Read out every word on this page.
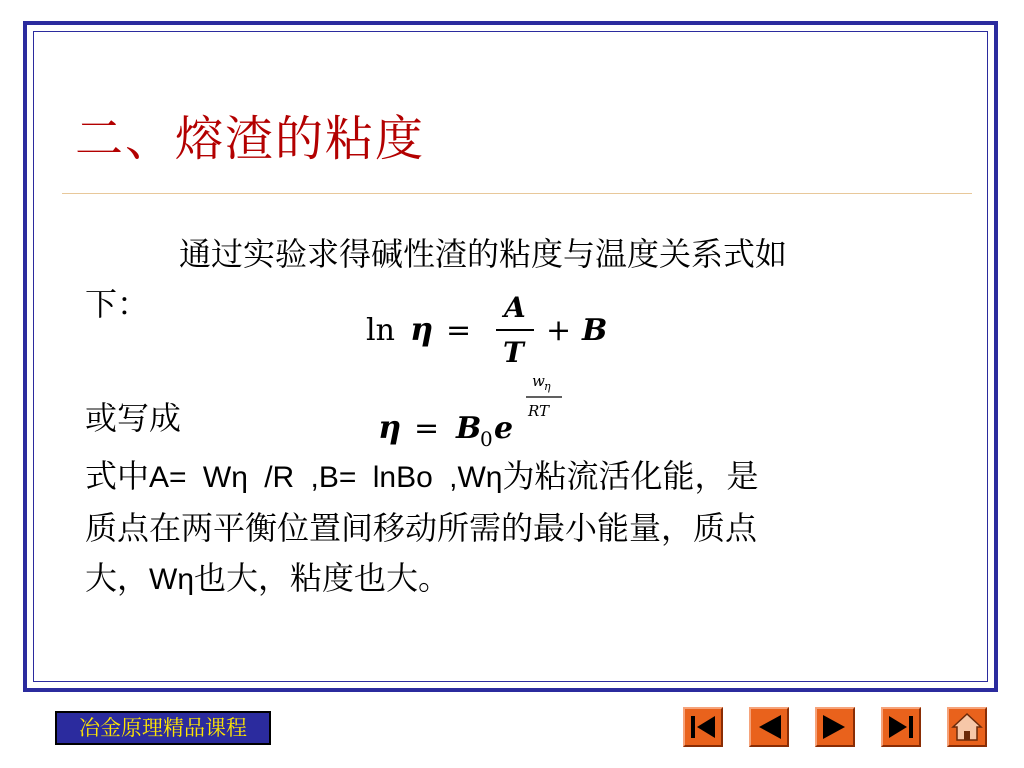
二、熔渣的粘度
通过实验求得碱性渣的粘度与温度关系式如
下：
ln η =
A
T
+ B
或写成	η = B
0 e
w η
RT
式中A= Wη /R ,B= lnBo ,Wη为粘流活化能，是
质点在两平衡位置间移动所需的最小能量，质点
大，Wη也大，粘度也大。
冶金原理精品课程
